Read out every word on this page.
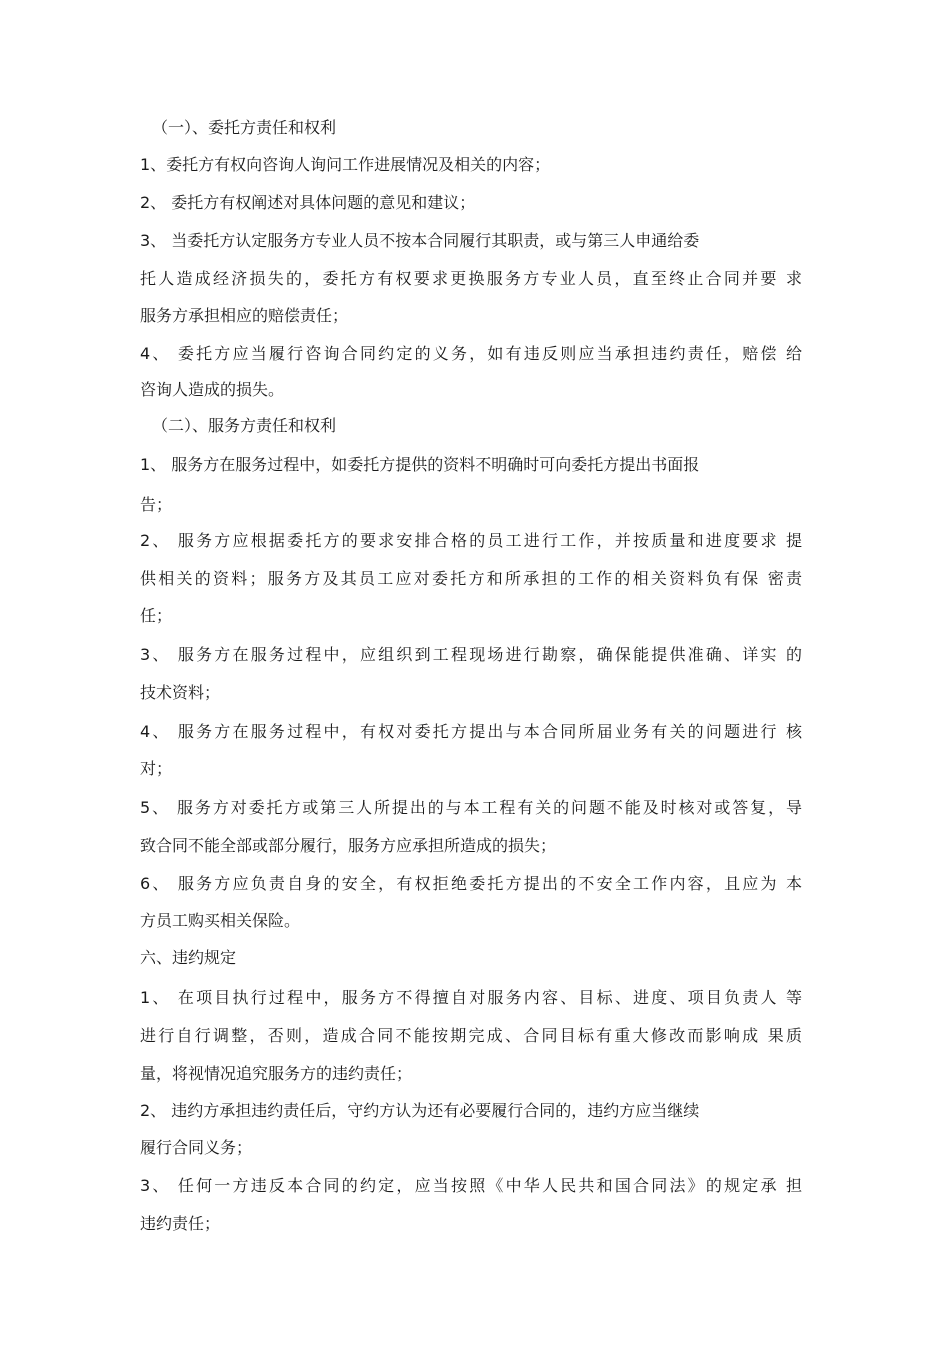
（一）、委托方责任和权利
1、委托方有权向咨询人询问工作进展情况及相关的内容；
2、 委托方有权阐述对具体问题的意见和建议；
3、 当委托方认定服务方专业人员不按本合同履行其职责，或与第三人申通给委
托人造成经济损失的，委托方有权要求更换服务方专业人员，直至终止合同并要 求
服务方承担相应的赔偿责任；
4、 委托方应当履行咨询合同约定的义务，如有违反则应当承担违约责任，赔偿 给
咨询人造成的损失。
（二）、服务方责任和权利
1、 服务方在服务过程中，如委托方提供的资料不明确时可向委托方提出书面报
告；
2、 服务方应根据委托方的要求安排合格的员工进行工作，并按质量和进度要求 提
供相关的资料；服务方及其员工应对委托方和所承担的工作的相关资料负有保 密责
任；
3、 服务方在服务过程中，应组织到工程现场进行勘察，确保能提供准确、详实 的
技术资料；
4、 服务方在服务过程中，有权对委托方提出与本合同所届业务有关的问题进行 核
对；
5、 服务方对委托方或第三人所提出的与本工程有关的问题不能及时核对或答复，导
致合同不能全部或部分履行，服务方应承担所造成的损失；
6、 服务方应负责自身的安全，有权拒绝委托方提出的不安全工作内容，且应为 本
方员工购买相关保险。
六、违约规定
1、 在项目执行过程中，服务方不得擅自对服务内容、目标、进度、项目负责人 等
进行自行调整，否则，造成合同不能按期完成、合同目标有重大修改而影响成 果质
量，将视情况追究服务方的违约责任；
2、 违约方承担违约责任后，守约方认为还有必要履行合同的，违约方应当继续
履行合同义务；
3、 任何一方违反本合同的约定，应当按照《中华人民共和国合同法》的规定承 担
违约责任；
